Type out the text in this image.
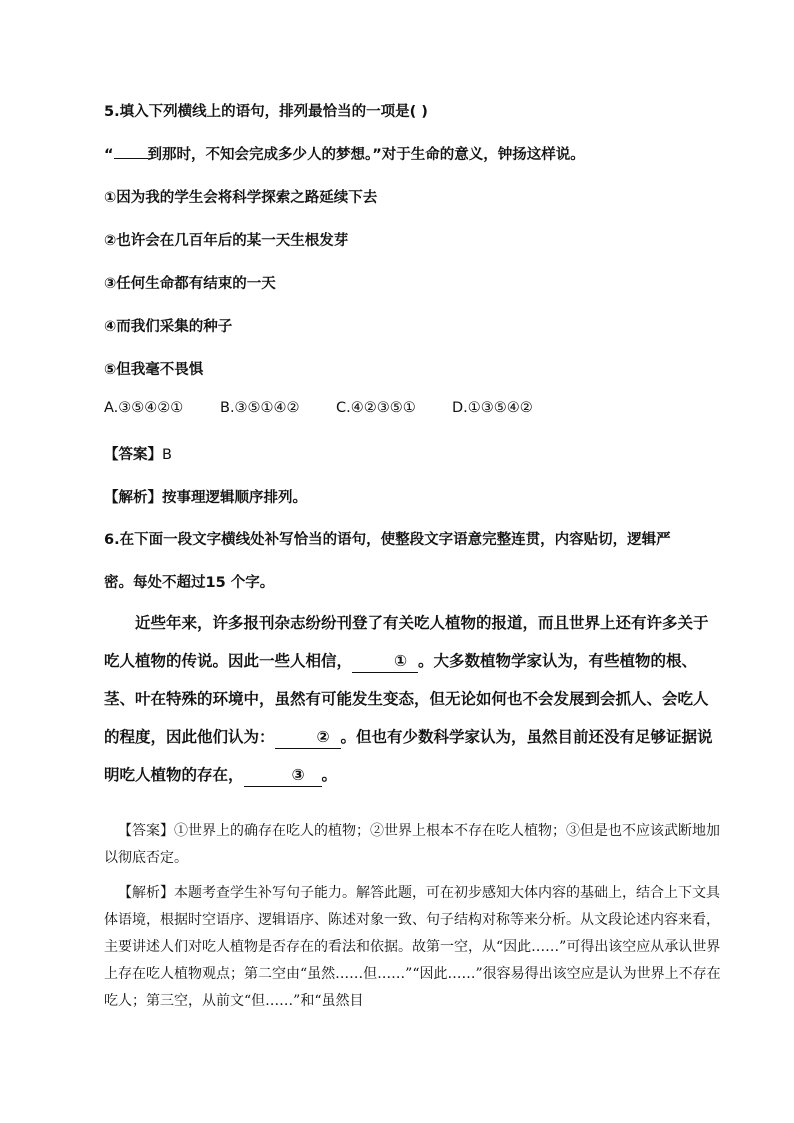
5.填入下列横线上的语句，排列最恰当的一项是( )
“ 到那时，不知会完成多少人的梦想。”对于生命的意义，钟扬这样说。
①因为我的学生会将科学探索之路延续下去
②也许会在几百年后的某一天生根发芽
③任何生命都有结束的一天
④而我们采集的种子
⑤但我毫不畏惧
A.③⑤④②①	B.③⑤①④②	C.④②③⑤①	D.①③⑤④②
【答案】B
【解析】按事理逻辑顺序排列。
6.在下面一段文字横线处补写恰当的语句，使整段文字语意完整连贯，内容贴切，逻辑严
密。每处不超过15 个字。
近些年来，许多报刊杂志纷纷刊登了有关吃人植物的报道，而且世界上还有许多关于吃人植物的传说。因此一些人相信，	① 。大多数植物学家认为，有些植物的根、茎、叶在特殊的环境中，虽然有可能发生变态，但无论如何也不会发展到会抓人、会吃人的程度，因此他们认为：	② 。但也有少数科学家认为，虽然目前还没有足够证据说明吃人植物的存在，	③ 。
【答案】①世界上的确存在吃人的植物；②世界上根本不存在吃人植物；③但是也不应该武断地加以彻底否定。
【解析】本题考查学生补写句子能力。解答此题，可在初步感知大体内容的基础上，结合上下文具体语境，根据时空语序、逻辑语序、陈述对象一致、句子结构对称等来分析。从文段论述内容来看，主要讲述人们对吃人植物是否存在的看法和依据。故第一空，从“因此……”可得出该空应从承认世界上存在吃人植物观点；第二空由“虽然……但……”“因此……”很容易得出该空应是认为世界上不存在吃人；第三空，从前文“但……”和“虽然目
